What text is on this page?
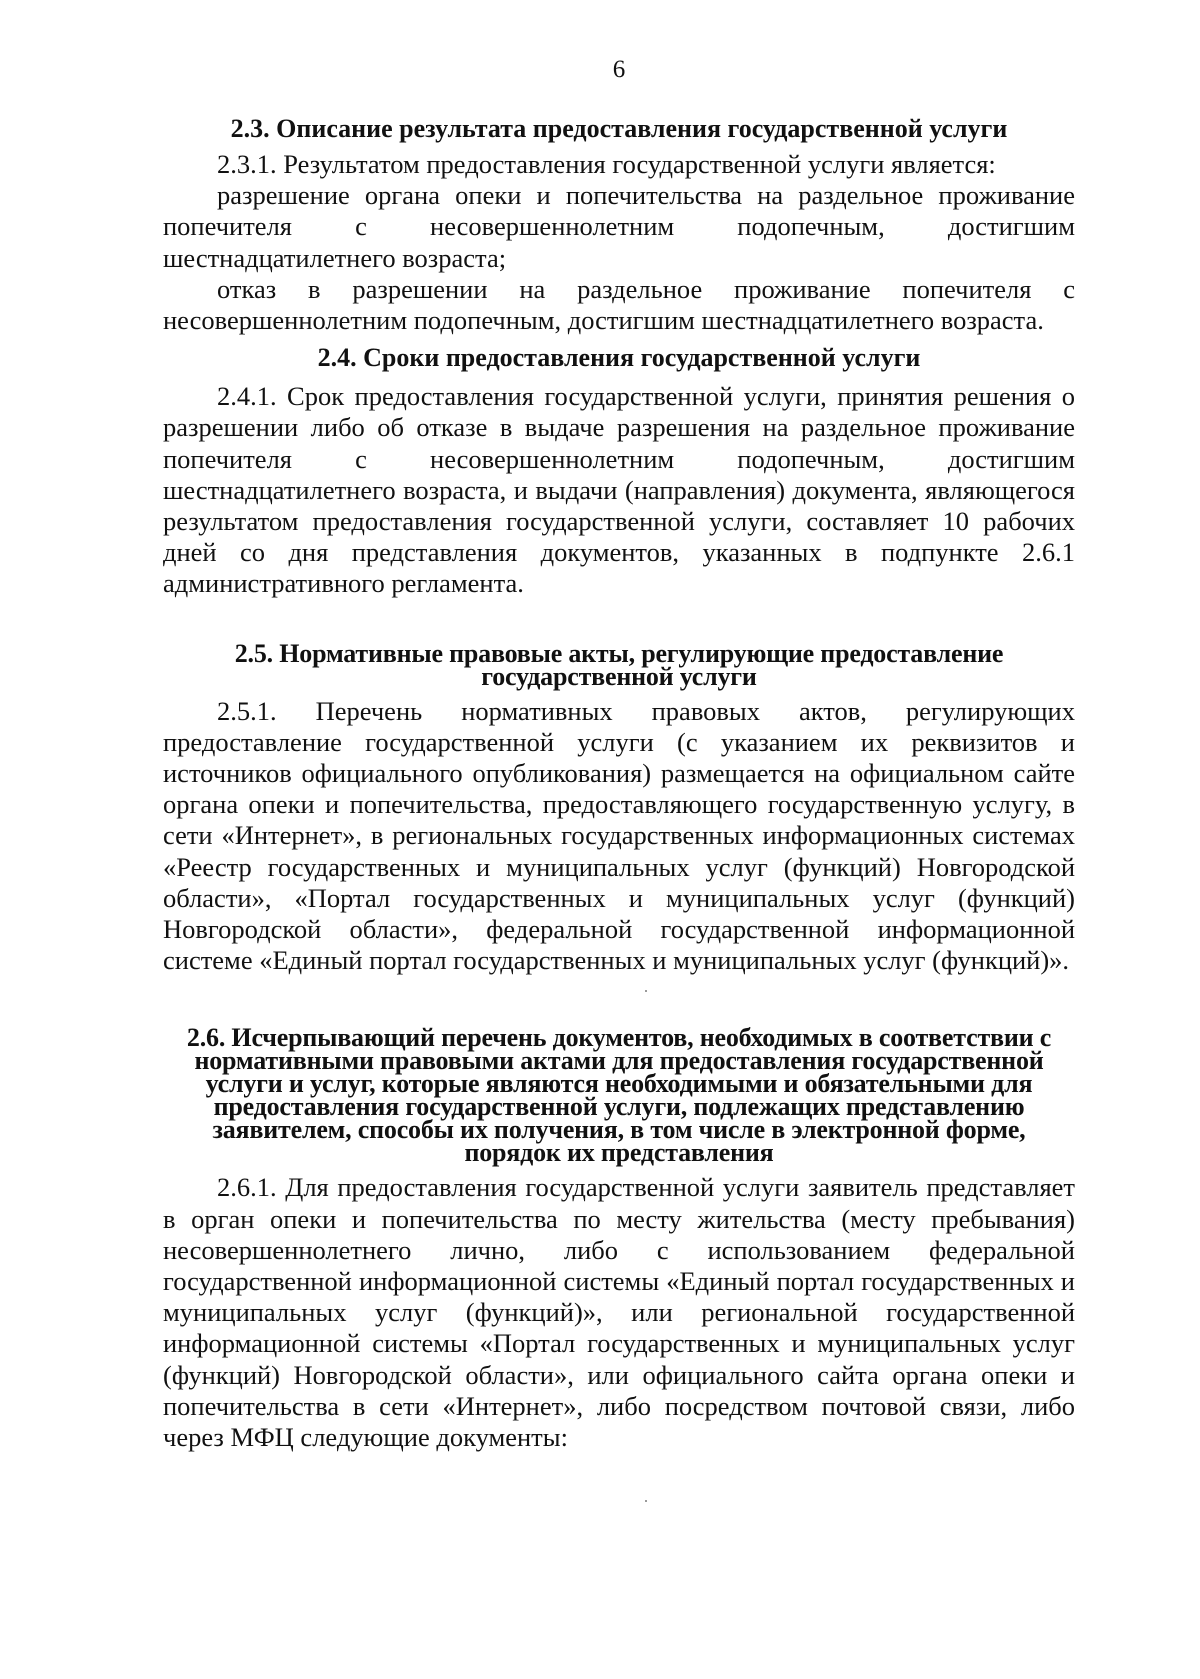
6
2.3. Описание результата предоставления государственной услуги

2.3.1. Результатом предоставления государственной услуги является:

разрешение органа опеки и попечительства на раздельное проживание попечителя с несовершеннолетним подопечным, достигшим шестнадцатилетнего возраста;

отказ в разрешении на раздельное проживание попечителя с несовершеннолетним подопечным, достигшим шестнадцатилетнего возраста.

2.4. Сроки предоставления государственной услуги

2.4.1. Срок предоставления государственной услуги, принятия решения о разрешении либо об отказе в выдаче разрешения на раздельное проживание попечителя с несовершеннолетним подопечным, достигшим шестнадцатилетнего возраста, и выдачи (направления) документа, являющегося результатом предоставления государственной услуги, составляет 10 рабочих дней со дня представления документов, указанных в подпункте 2.6.1 административного регламента.

2.5. Нормативные правовые акты, регулирующие предоставление государственной услуги

2.5.1. Перечень нормативных правовых актов, регулирующих предоставление государственной услуги (с указанием их реквизитов и источников официального опубликования) размещается на официальном сайте органа опеки и попечительства, предоставляющего государственную услугу, в сети «Интернет», в региональных государственных информационных системах «Реестр государственных и муниципальных услуг (функций) Новгородской области», «Портал государственных и муниципальных услуг (функций) Новгородской области», федеральной государственной информационной системе «Единый портал государственных и муниципальных услуг (функций)».

2.6. Исчерпывающий перечень документов, необходимых в соответствии с нормативными правовыми актами для предоставления государственной услуги и услуг, которые являются необходимыми и обязательными для предоставления государственной услуги, подлежащих представлению заявителем, способы их получения, в том числе в электронной форме, порядок их представления

2.6.1. Для предоставления государственной услуги заявитель представляет в орган опеки и попечительства по месту жительства (месту пребывания) несовершеннолетнего лично, либо с использованием федеральной государственной информационной системы «Единый портал государственных и муниципальных услуг (функций)», или региональной государственной информационной системы «Портал государственных и муниципальных услуг (функций) Новгородской области», или официального сайта органа опеки и попечительства в сети «Интернет», либо посредством почтовой связи, либо через МФЦ следующие документы:
